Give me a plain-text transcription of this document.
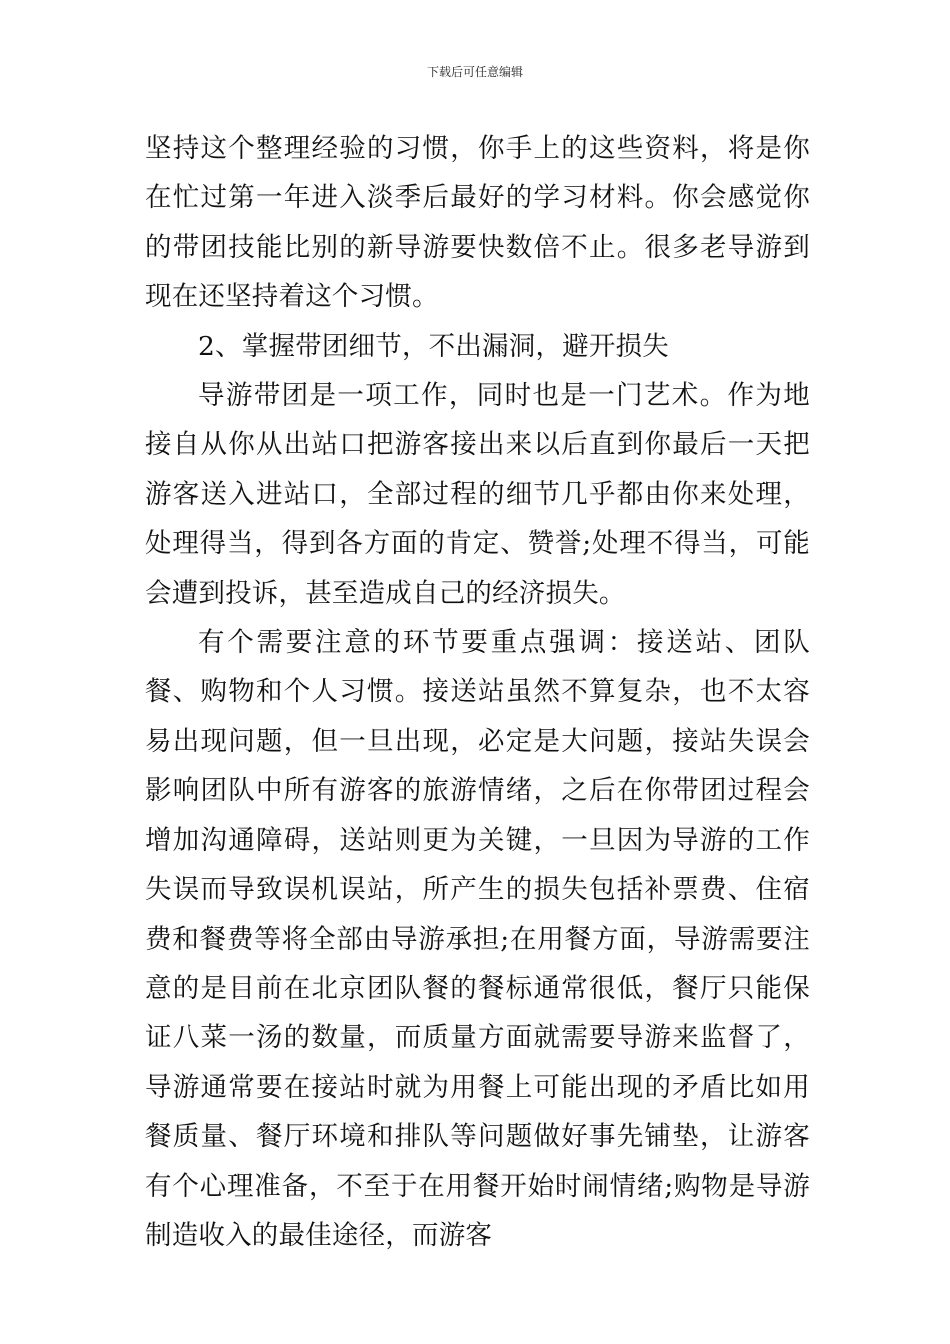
下载后可任意编辑

坚持这个整理经验的习惯，你手上的这些资料，将是你在忙过第一年进入淡季后最好的学习材料。你会感觉你的带团技能比别的新导游要快数倍不止。很多老导游到现在还坚持着这个习惯。

2、掌握带团细节，不出漏洞，避开损失

导游带团是一项工作，同时也是一门艺术。作为地接自从你从出站口把游客接出来以后直到你最后一天把游客送入进站口，全部过程的细节几乎都由你来处理，处理得当，得到各方面的肯定、赞誉;处理不得当，可能会遭到投诉，甚至造成自己的经济损失。

有个需要注意的环节要重点强调：接送站、团队餐、购物和个人习惯。接送站虽然不算复杂，也不太容易出现问题，但一旦出现，必定是大问题，接站失误会影响团队中所有游客的旅游情绪，之后在你带团过程会增加沟通障碍，送站则更为关键，一旦因为导游的工作失误而导致误机误站，所产生的损失包括补票费、住宿费和餐费等将全部由导游承担;在用餐方面，导游需要注意的是目前在北京团队餐的餐标通常很低，餐厅只能保证八菜一汤的数量，而质量方面就需要导游来监督了，导游通常要在接站时就为用餐上可能出现的矛盾比如用餐质量、餐厅环境和排队等问题做好事先铺垫，让游客有个心理准备，不至于在用餐开始时闹情绪;购物是导游制造收入的最佳途径，而游客
